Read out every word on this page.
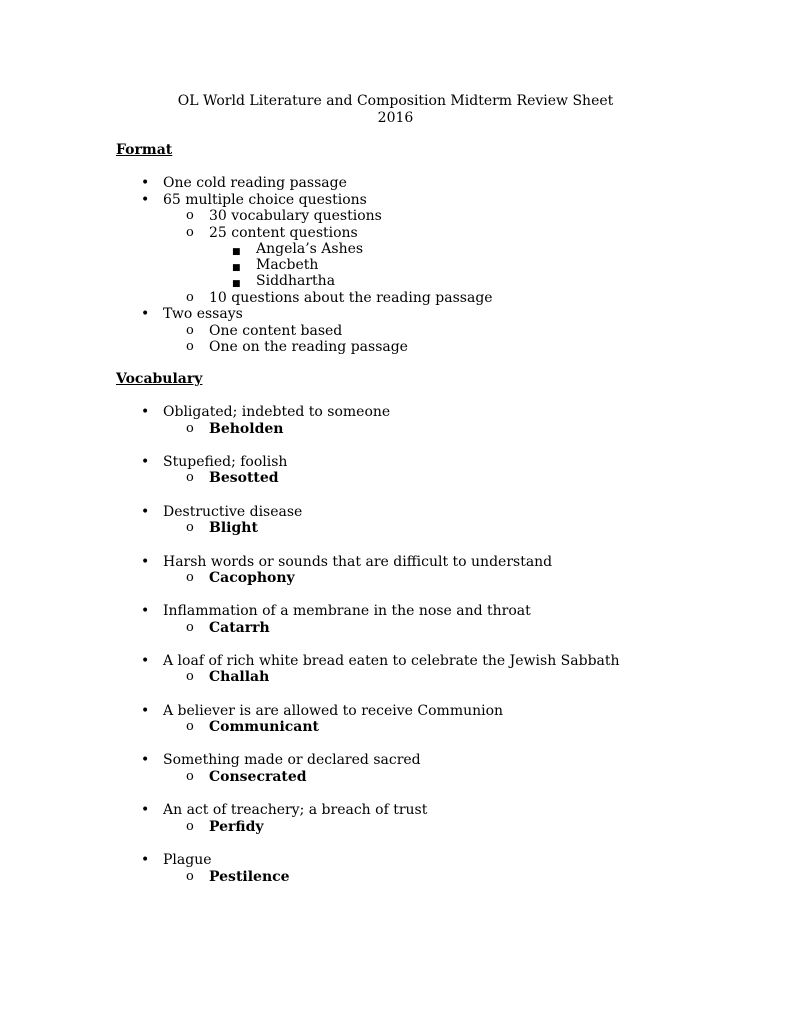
OL World Literature and Composition Midterm Review Sheet
2016
Format
• One cold reading passage
• 65 multiple choice questions
o 30 vocabulary questions
o 25 content questions
■ Angela’s Ashes
■ Macbeth
■ Siddhartha
o 10 questions about the reading passage
• Two essays
o One content based
o One on the reading passage
Vocabulary
• Obligated; indebted to someone
o Beholden
• Stupefied; foolish
o Besotted
• Destructive disease
o Blight
• Harsh words or sounds that are difficult to understand
o Cacophony
• Inflammation of a membrane in the nose and throat
o Catarrh
• A loaf of rich white bread eaten to celebrate the Jewish Sabbath
o Challah
• A believer is are allowed to receive Communion
o Communicant
• Something made or declared sacred
o Consecrated
• An act of treachery; a breach of trust
o Perfidy
• Plague
o Pestilence
